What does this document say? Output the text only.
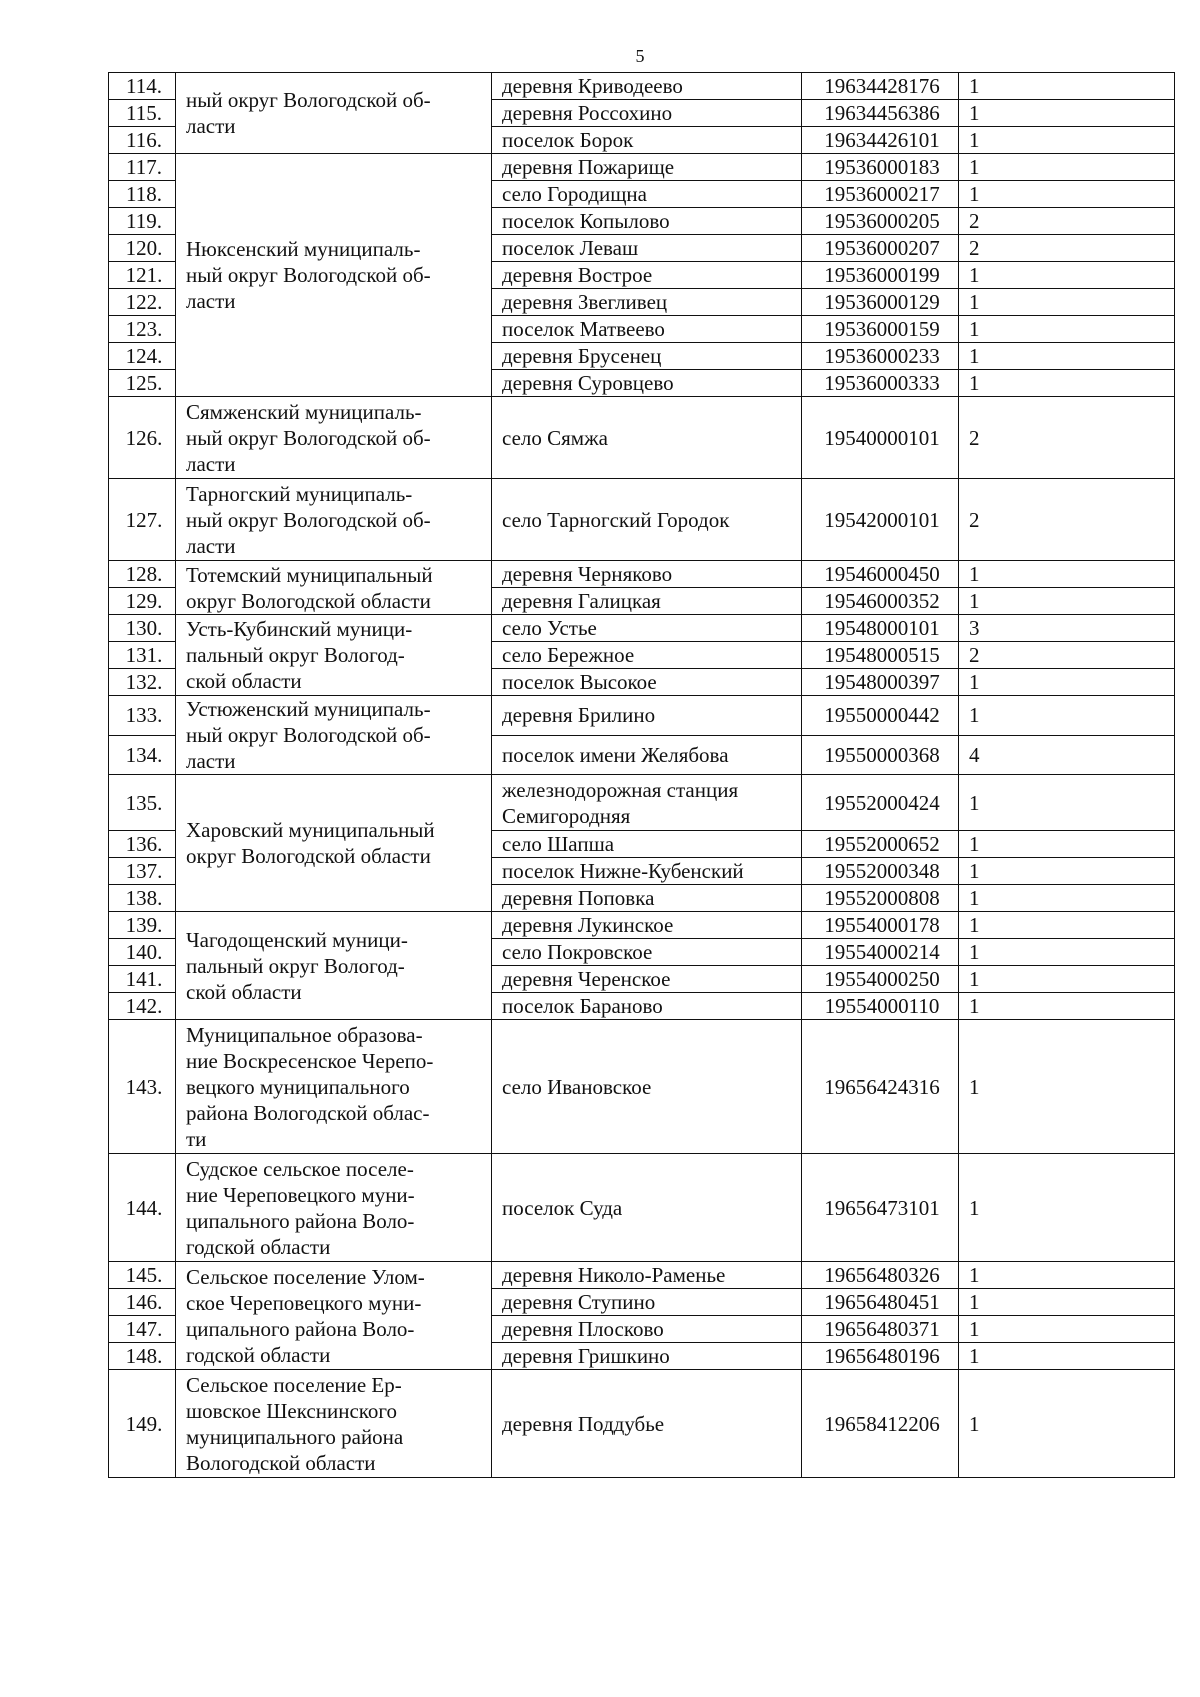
5
114.	ный округ Вологодской об-
ласти	деревня Криводеево	19634428176	1
115.		деревня Россохино	19634456386	1
116.		поселок Борок	19634426101	1
117.	Нюксенский муниципаль-
ный округ Вологодской об-
ласти	деревня Пожарище	19536000183	1
118.		село Городищна	19536000217	1
119.		поселок Копылово	19536000205	2
120.		поселок Леваш	19536000207	2
121.		деревня Вострое	19536000199	1
122.		деревня Звегливец	19536000129	1
123.		поселок Матвеево	19536000159	1
124.		деревня Брусенец	19536000233	1
125.		деревня Суровцево	19536000333	1
126.	Сямженский муниципаль-
ный округ Вологодской об-
ласти	село Сямжа	19540000101	2
127.	Тарногский муниципаль-
ный округ Вологодской об-
ласти	село Тарногский Городок	19542000101	2
128.	Тотемский муниципальный
округ Вологодской области	деревня Черняково	19546000450	1
129.		деревня Галицкая	19546000352	1
130.	Усть-Кубинский муници-
пальный округ Вологод-
ской области	село Устье	19548000101	3
131.		село Бережное	19548000515	2
132.		поселок Высокое	19548000397	1
133.	Устюженский муниципаль-
ный округ Вологодской об-
ласти	деревня Брилино	19550000442	1
134.		поселок имени Желябова	19550000368	4
135.	Харовский муниципальный
округ Вологодской области	железнодорожная станция
Семигородняя	19552000424	1
136.		село Шапша	19552000652	1
137.		поселок Нижне-Кубенский	19552000348	1
138.		деревня Поповка	19552000808	1
139.	Чагодощенский муници-
пальный округ Вологод-
ской области	деревня Лукинское	19554000178	1
140.		село Покровское	19554000214	1
141.		деревня Черенское	19554000250	1
142.		поселок Бараново	19554000110	1
143.	Муниципальное образова-
ние Воскресенское Черепо-
вецкого муниципального
района Вологодской облас-
ти	село Ивановское	19656424316	1
144.	Судское сельское поселе-
ние Череповецкого муни-
ципального района Воло-
годской области	поселок Суда	19656473101	1
145.	Сельское поселение Улом-
ское Череповецкого муни-
ципального района Воло-
годской области	деревня Николо-Раменье	19656480326	1
146.		деревня Ступино	19656480451	1
147.		деревня Плосково	19656480371	1
148.		деревня Гришкино	19656480196	1
149.	Сельское поселение Ер-
шовское Шекснинского
муниципального района
Вологодской области	деревня Поддубье	19658412206	1
